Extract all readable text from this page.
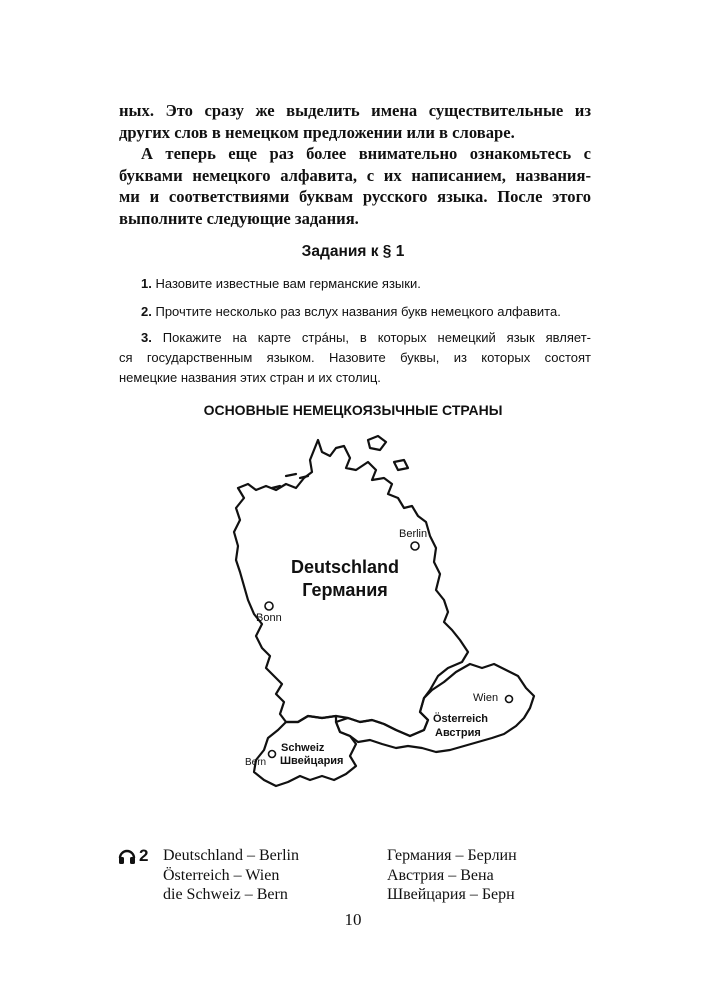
ных. Это сразу же выделить имена существительные из
других слов в немецком предложении или в словаре.
А теперь еще раз более внимательно ознакомьтесь с
буквами немецкого алфавита, с их написанием, названия-
ми и соответствиями буквам русского языка. После этого
выполните следующие задания.
Задания к § 1
1. Назовите известные вам германские языки.
2. Прочтите несколько раз вслух названия букв немецкого алфавита.
3. Покажите на карте стрáны, в которых немецкий язык являет-
ся государственным языком. Назовите буквы, из которых состоят
немецкие названия этих стран и их столиц.
ОСНОВНЫЕ НЕМЕЦКОЯЗЫЧНЫЕ СТРАНЫ
Berlin
Bonn
Deutschland
Германия
Wien
Österreich
Австрия
Schweiz
Швейцария
Bern
2 Deutschland – Berlin
Österreich – Wien
die Schweiz – Bern
Германия – Берлин
Австрия – Вена
Швейцария – Берн
10
